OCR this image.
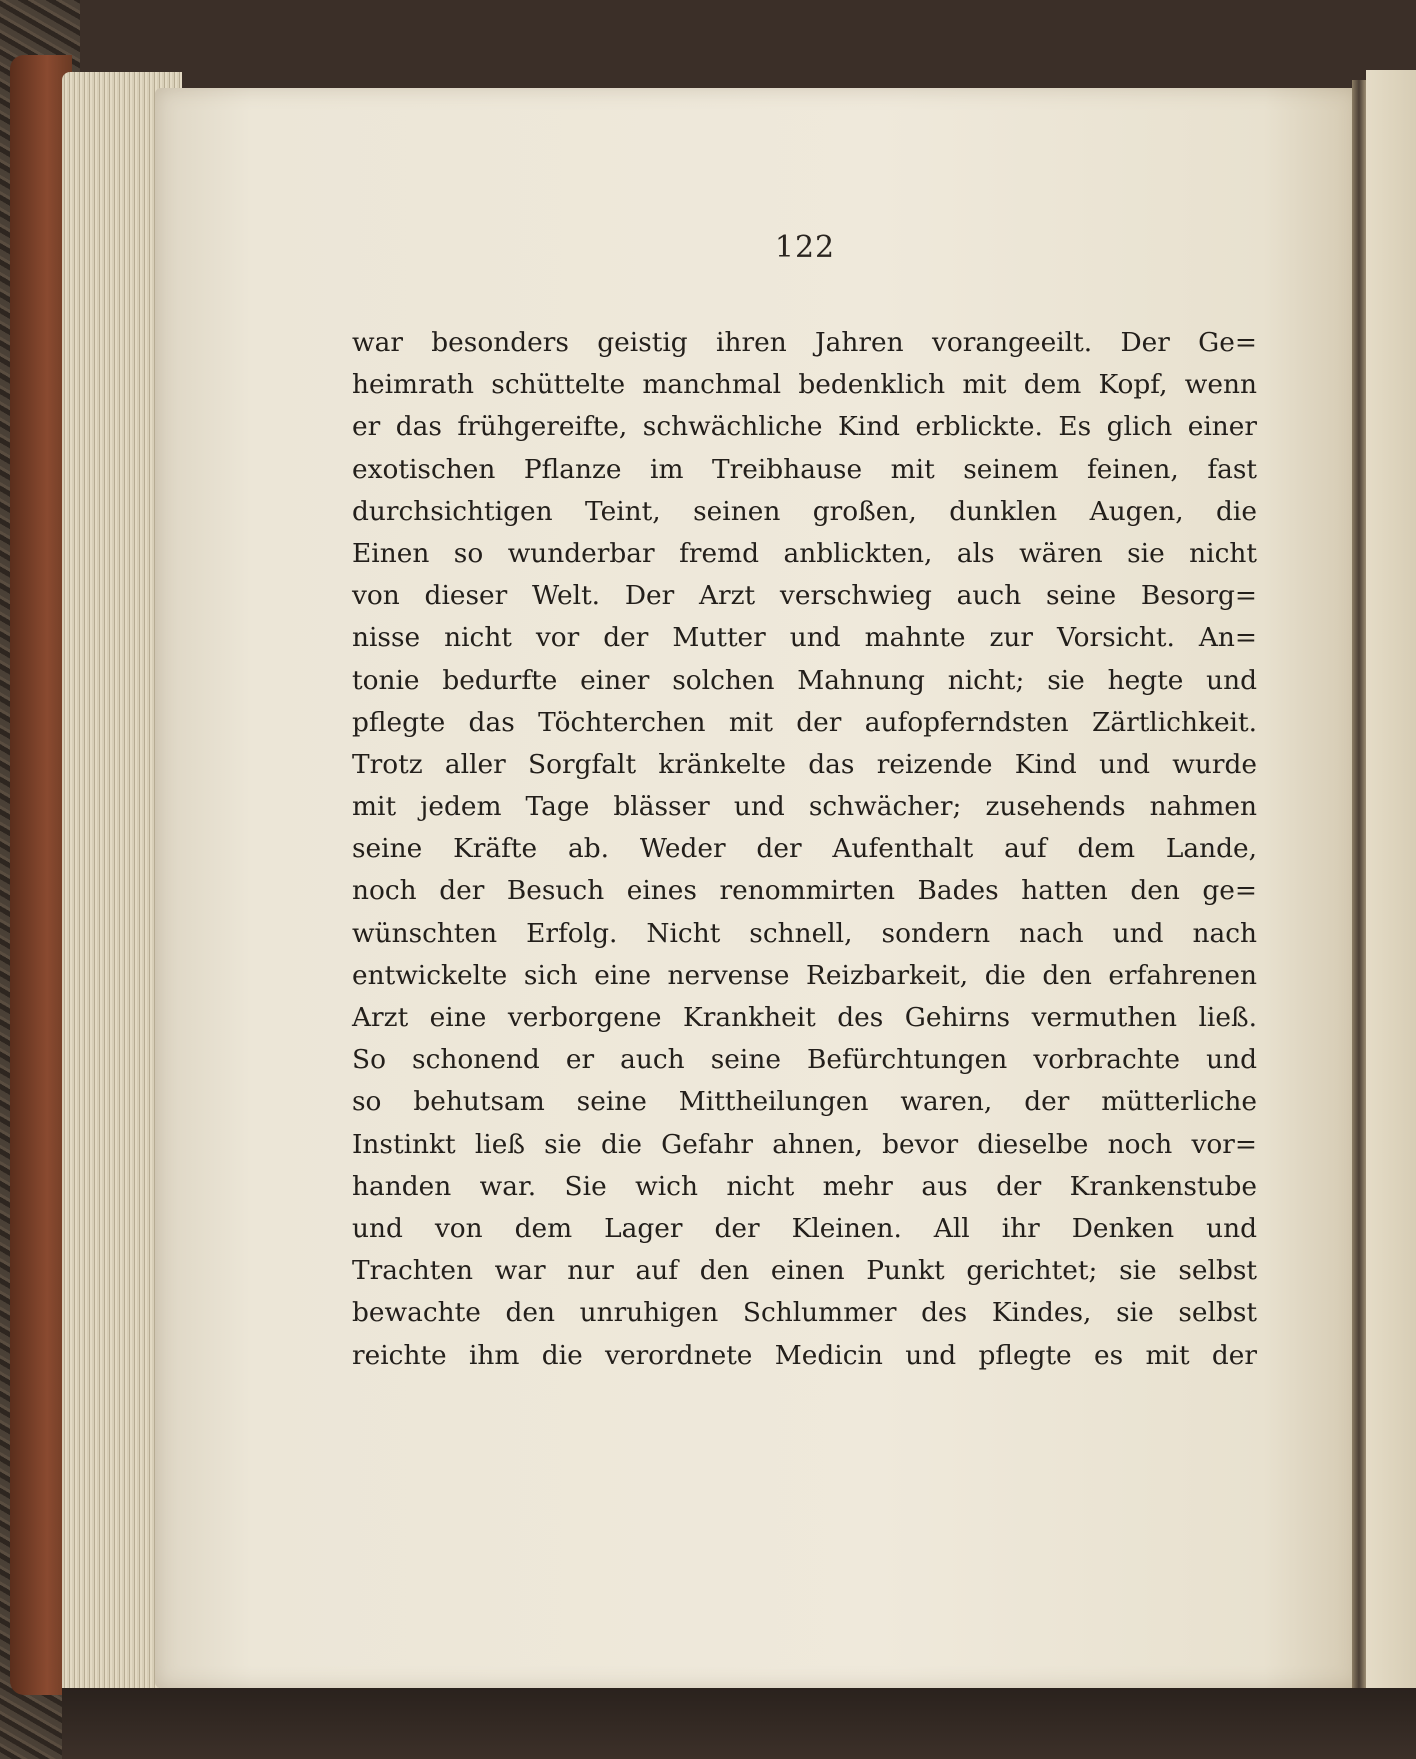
122
war besonders geistig ihren Jahren vorangeeilt. Der Ge=
heimrath schüttelte manchmal bedenklich mit dem Kopf, wenn
er das frühgereifte, schwächliche Kind erblickte. Es glich einer
exotischen Pflanze im Treibhause mit seinem feinen, fast
durchsichtigen Teint, seinen großen, dunklen Augen, die
Einen so wunderbar fremd anblickten, als wären sie nicht
von dieser Welt. Der Arzt verschwieg auch seine Besorg=
nisse nicht vor der Mutter und mahnte zur Vorsicht. An=
tonie bedurfte einer solchen Mahnung nicht; sie hegte und
pflegte das Töchterchen mit der aufopferndsten Zärtlichkeit.
Trotz aller Sorgfalt kränkelte das reizende Kind und wurde
mit jedem Tage blässer und schwächer; zusehends nahmen
seine Kräfte ab. Weder der Aufenthalt auf dem Lande,
noch der Besuch eines renommirten Bades hatten den ge=
wünschten Erfolg. Nicht schnell, sondern nach und nach
entwickelte sich eine nervense Reizbarkeit, die den erfahrenen
Arzt eine verborgene Krankheit des Gehirns vermuthen ließ.
So schonend er auch seine Befürchtungen vorbrachte und
so behutsam seine Mittheilungen waren, der mütterliche
Instinkt ließ sie die Gefahr ahnen, bevor dieselbe noch vor=
handen war. Sie wich nicht mehr aus der Krankenstube
und von dem Lager der Kleinen. All ihr Denken und
Trachten war nur auf den einen Punkt gerichtet; sie selbst
bewachte den unruhigen Schlummer des Kindes, sie selbst
reichte ihm die verordnete Medicin und pflegte es mit der
